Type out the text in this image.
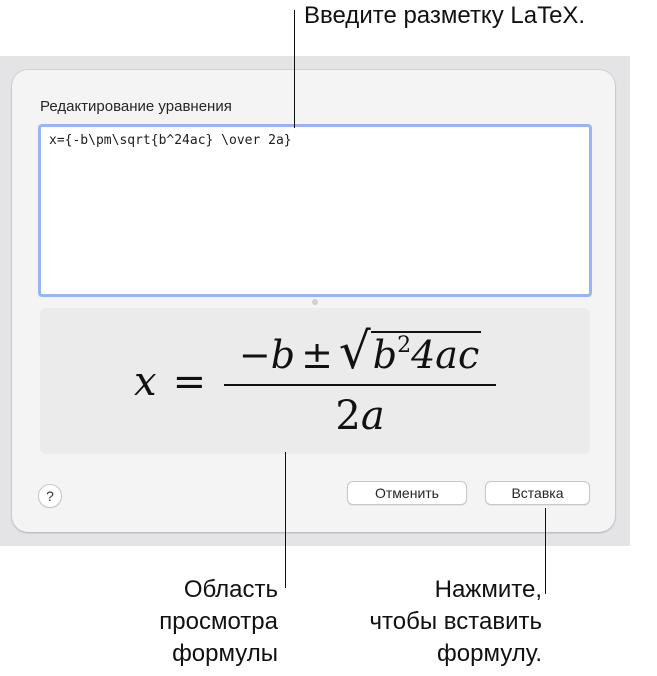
Редактирование уравнения
x={-b\pm\sqrt{b^24ac} \over 2a}
$x = \frac{-b \pm √ b^24ac}{2a}$
?	Отменить	Вставка
Введите разметку LaTeX.
Область
просмотра
формулы
Нажмите,
чтобы вставить
формулу.
